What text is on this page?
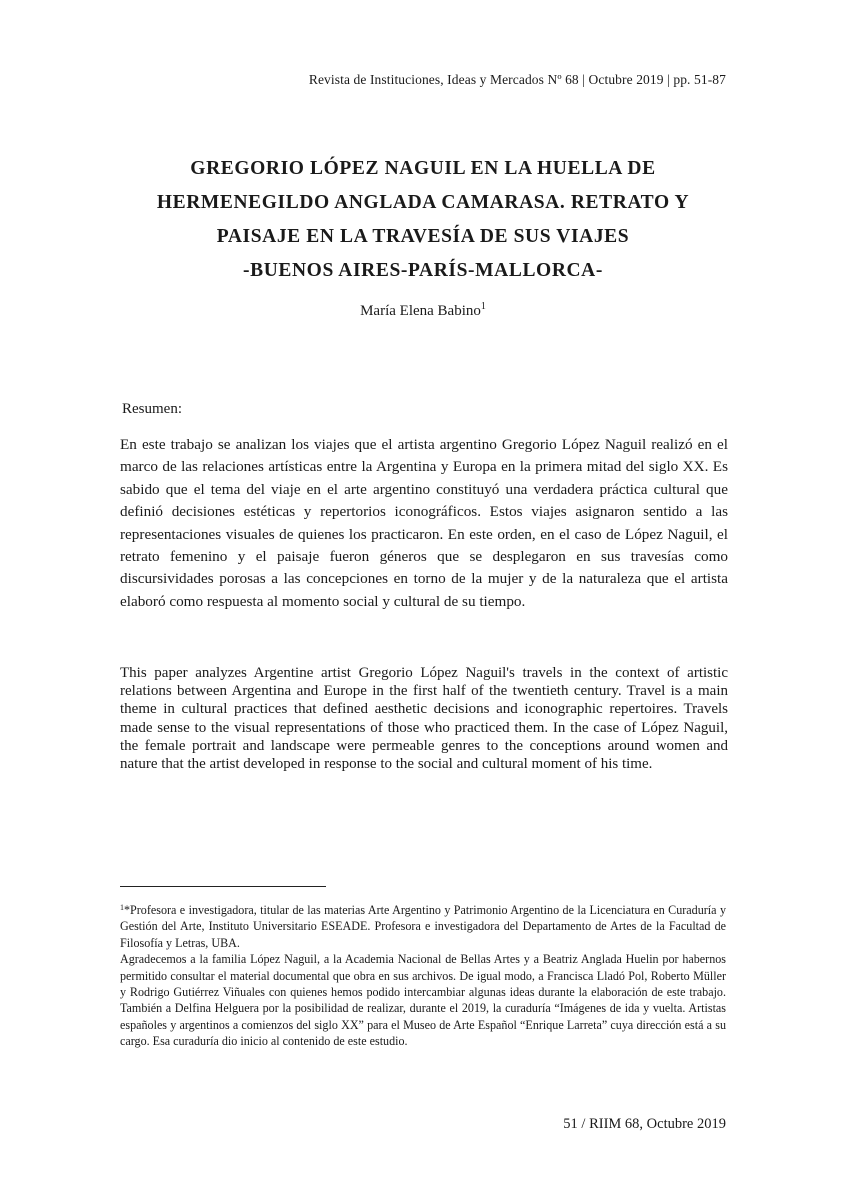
Revista de Instituciones, Ideas y Mercados Nº 68 | Octubre 2019 | pp. 51-87
GREGORIO LÓPEZ NAGUIL EN LA HUELLA DE
HERMENEGILDO ANGLADA CAMARASA. RETRATO Y
PAISAJE EN LA TRAVESÍA DE SUS VIAJES
-BUENOS AIRES-PARÍS-MALLORCA-
María Elena Babino$^1$
Resumen:

En este trabajo se analizan los viajes que el artista argentino Gregorio López Naguil realizó en el marco de las relaciones artísticas entre la Argentina y Europa en la primera mitad del siglo XX. Es sabido que el tema del viaje en el arte argentino constituyó una verdadera práctica cultural que definió decisiones estéticas y repertorios iconográficos. Estos viajes asignaron sentido a las representaciones visuales de quienes los practicaron. En este orden, en el caso de López Naguil, el retrato femenino y el paisaje fueron géneros que se desplegaron en sus travesías como discursividades porosas a las concepciones en torno de la mujer y de la naturaleza que el artista elaboró como respuesta al momento social y cultural de su tiempo.

This paper analyzes Argentine artist Gregorio López Naguil's travels in the context of artistic relations between Argentina and Europe in the first half of the twentieth century. Travel is a main theme in cultural practices that defined aesthetic decisions and iconographic repertoires. Travels made sense to the visual representations of those who practiced them. In the case of López Naguil, the female portrait and landscape were permeable genres to the conceptions around women and nature that the artist developed in response to the social and cultural moment of his time.

$^1$*Profesora e investigadora, titular de las materias Arte Argentino y Patrimonio Argentino de la Licenciatura en Curaduría y Gestión del Arte, Instituto Universitario ESEADE. Profesora e investigadora del Departamento de Artes de la Facultad de Filosofía y Letras, UBA.

Agradecemos a la familia López Naguil, a la Academia Nacional de Bellas Artes y a Beatriz Anglada Huelin por habernos permitido consultar el material documental que obra en sus archivos. De igual modo, a Francisca Lladó Pol, Roberto Müller y Rodrigo Gutiérrez Viñuales con quienes hemos podido intercambiar algunas ideas durante la elaboración de este trabajo. También a Delfina Helguera por la posibilidad de realizar, durante el 2019, la curaduría “Imágenes de ida y vuelta. Artistas españoles y argentinos a comienzos del siglo XX” para el Museo de Arte Español “Enrique Larreta” cuya dirección está a su cargo. Esa curaduría dio inicio al contenido de este estudio.

51 / RIIM 68, Octubre 2019
